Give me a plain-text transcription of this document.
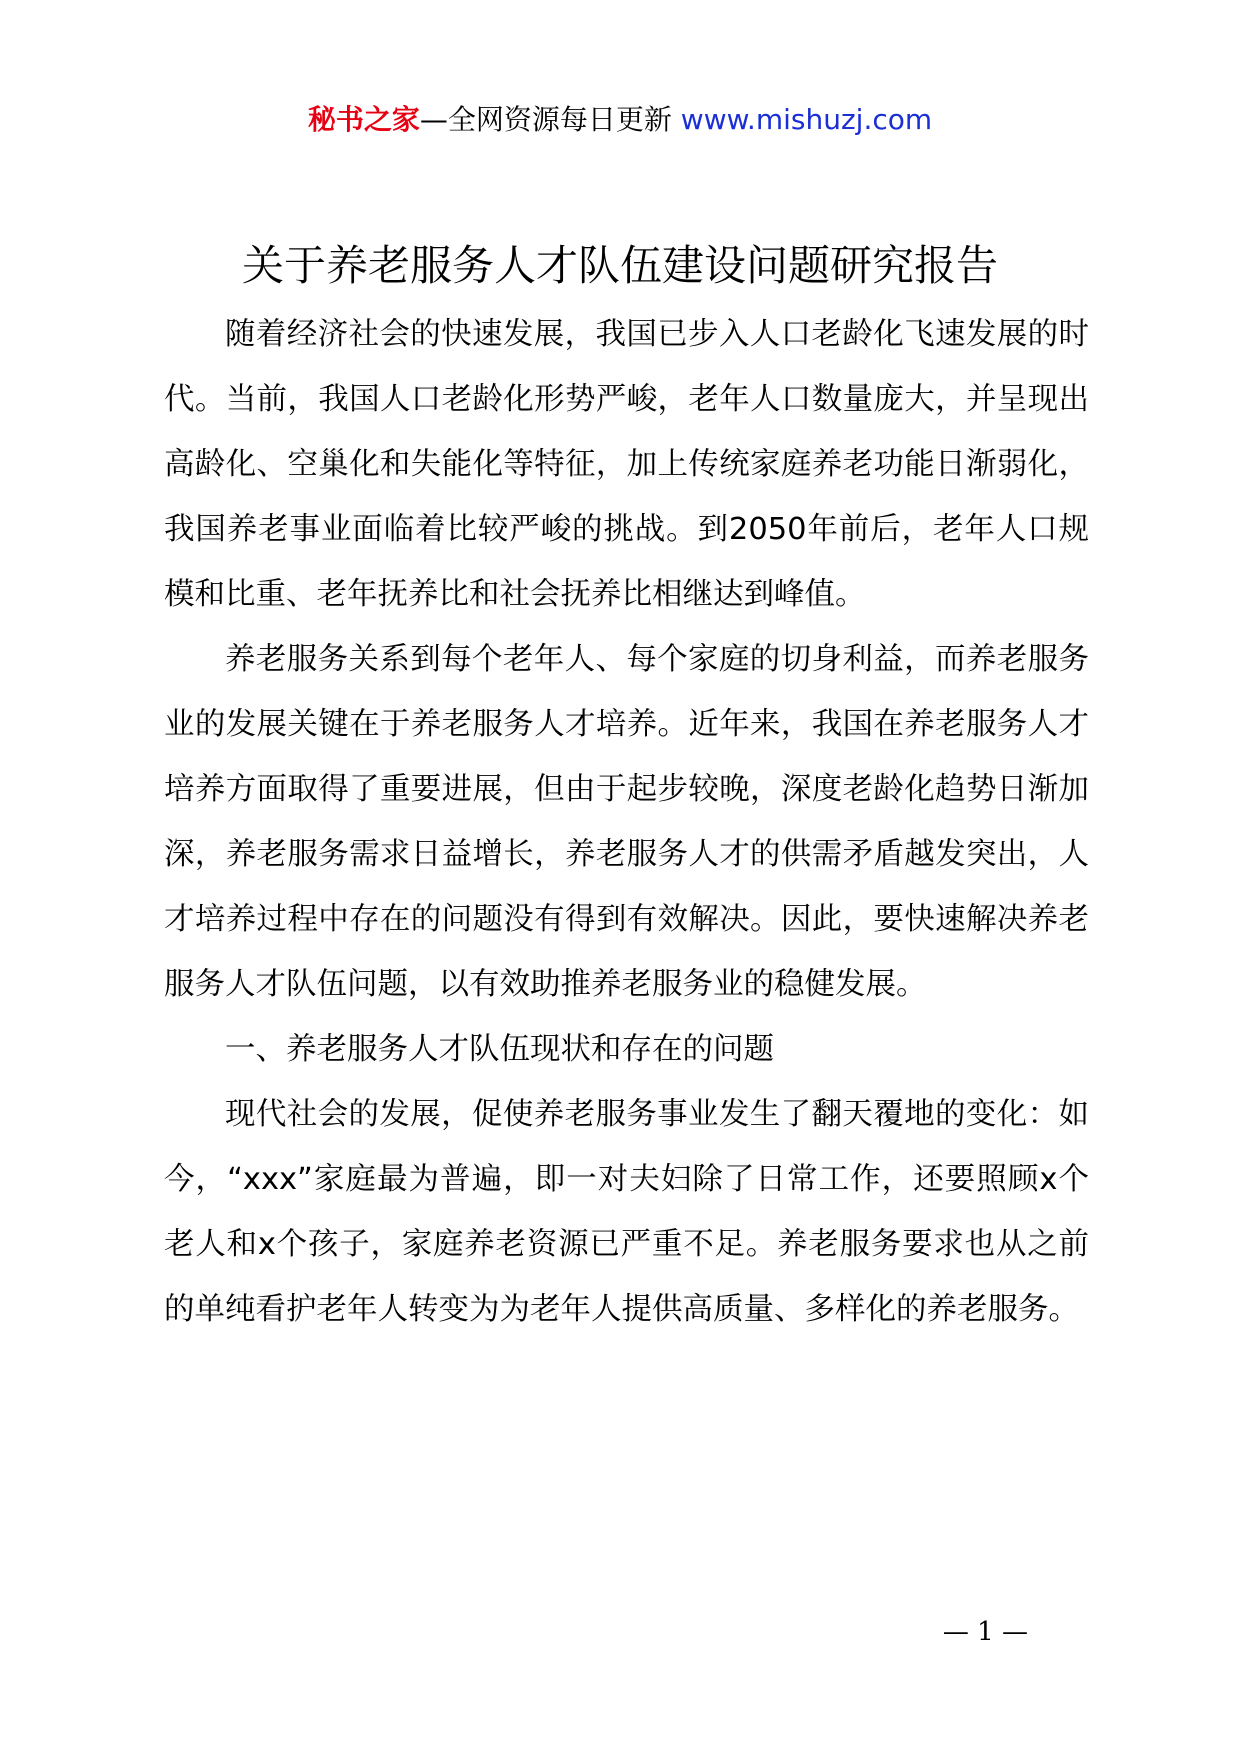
秘书之家—全网资源每日更新 www.mishuzj.com
关于养老服务人才队伍建设问题研究报告

随着经济社会的快速发展，我国已步入人口老龄化飞速发展的时代。当前，我国人口老龄化形势严峻，老年人口数量庞大，并呈现出高龄化、空巢化和失能化等特征，加上传统家庭养老功能日渐弱化，我国养老事业面临着比较严峻的挑战。到2050年前后，老年人口规模和比重、老年抚养比和社会抚养比相继达到峰值。

养老服务关系到每个老年人、每个家庭的切身利益，而养老服务业的发展关键在于养老服务人才培养。近年来，我国在养老服务人才培养方面取得了重要进展，但由于起步较晚，深度老龄化趋势日渐加深，养老服务需求日益增长，养老服务人才的供需矛盾越发突出，人才培养过程中存在的问题没有得到有效解决。因此，要快速解决养老服务人才队伍问题，以有效助推养老服务业的稳健发展。

一、养老服务人才队伍现状和存在的问题

现代社会的发展，促使养老服务事业发生了翻天覆地的变化：如今，“xxx”家庭最为普遍，即一对夫妇除了日常工作，还要照顾x个老人和x个孩子，家庭养老资源已严重不足。养老服务要求也从之前的单纯看护老年人转变为为老年人提供高质量、多样化的养老服务。

— 1 —
